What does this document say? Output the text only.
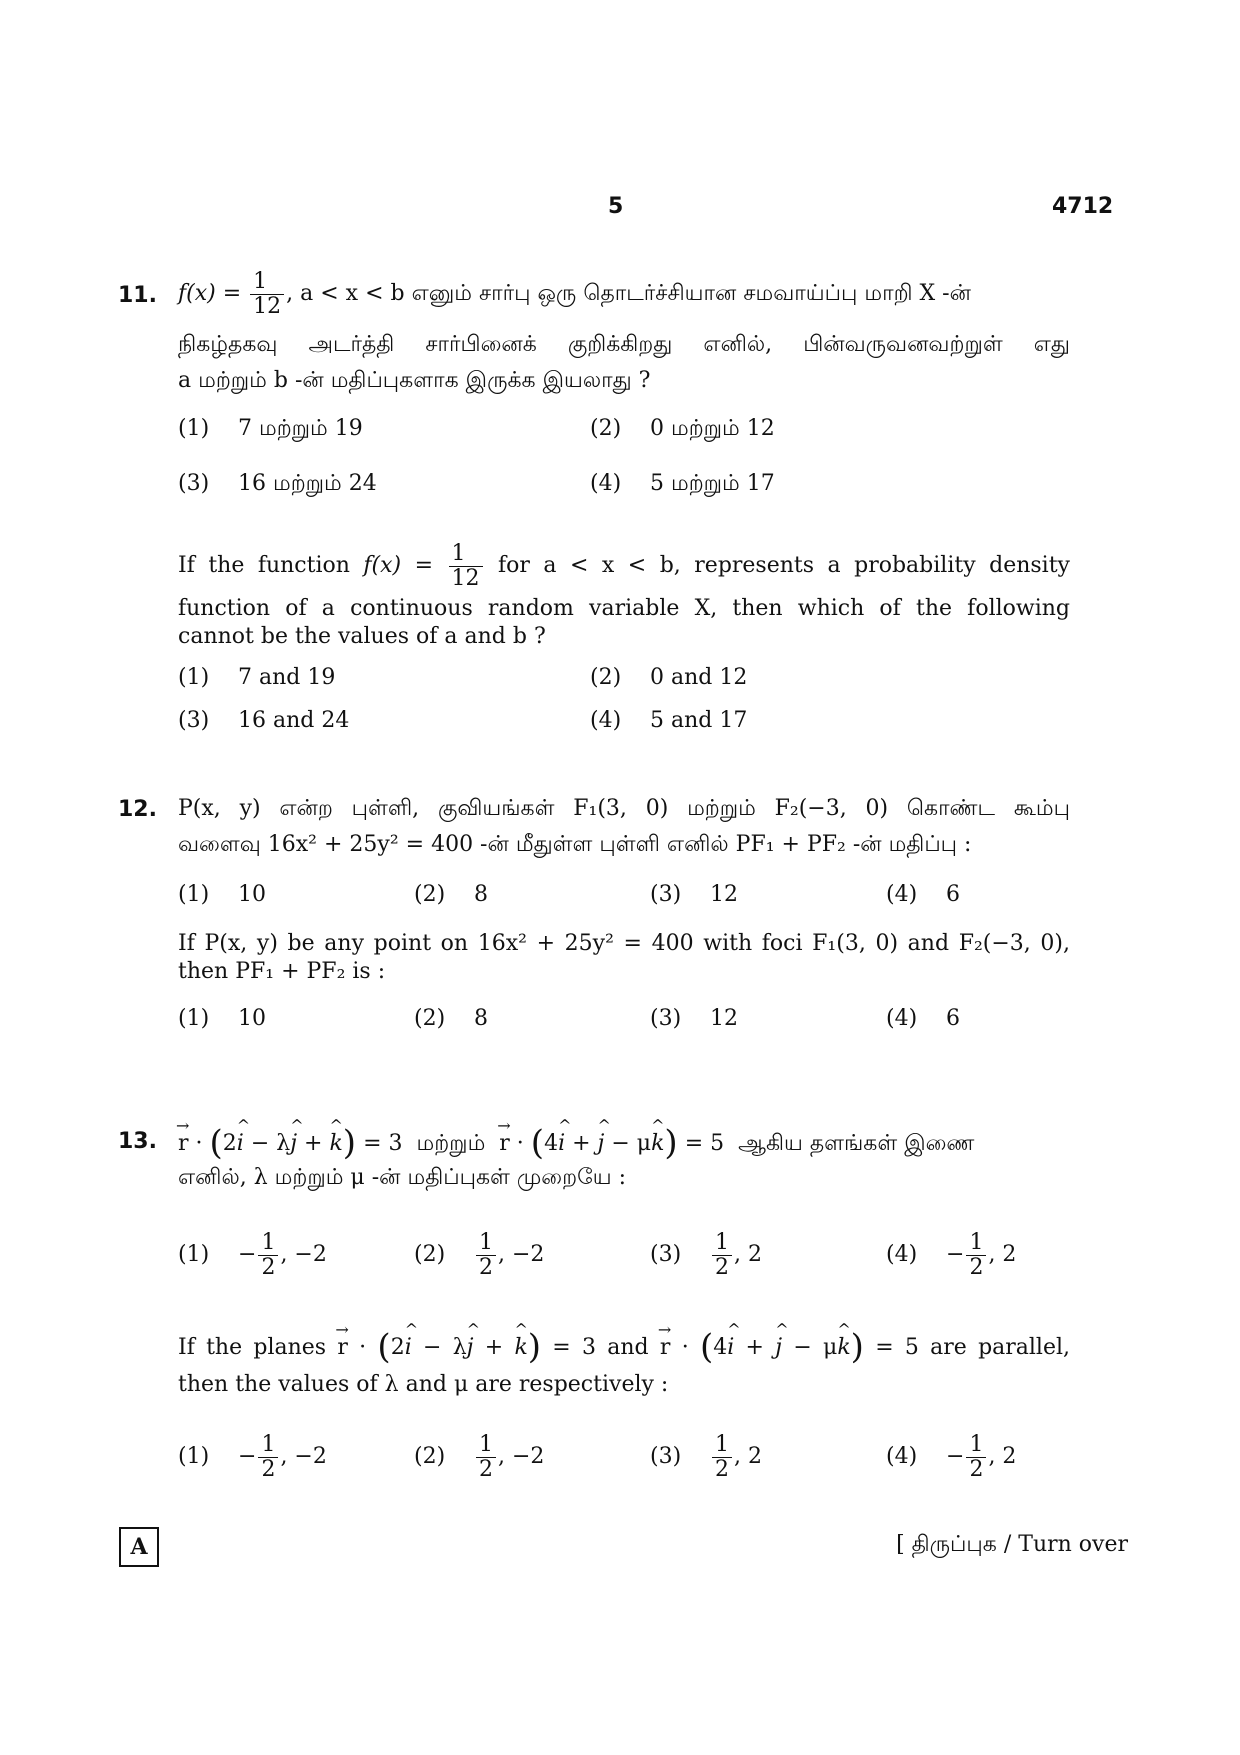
5	4712
11. $f(x) = \frac{1}{12}$ , a < x < b எனும் சார்பு ஒரு தொடர்ச்சியான சமவாய்ப்பு மாறி X -ன்
நிகழ்தகவு அடர்த்தி சார்பினைக் குறிக்கிறது எனில், பின்வருவனவற்றுள் எது
a மற்றும் b -ன் மதிப்புகளாக இருக்க இயலாது ?
(1) 7 மற்றும் 19	(2) 0 மற்றும் 12
(3) 16 மற்றும் 24	(4) 5 மற்றும் 17
If the function $f(x) = \frac{1}{12}$ for a < x < b, represents a probability density
function of a continuous random variable X, then which of the following
cannot be the values of a and b ?
(1) 7 and 19	(2) 0 and 12
(3) 16 and 24	(4) 5 and 17
12. P(x, y) என்ற புள்ளி, குவியங்கள் F₁(3, 0) மற்றும் F₂(−3, 0) கொண்ட கூம்பு
வளைவு 16x² + 25y² = 400 -ன் மீதுள்ள புள்ளி எனில் PF₁ + PF₂ -ன் மதிப்பு :
(1) 10	(2) 8	(3) 12	(4) 6
If P(x, y) be any point on 16x² + 25y² = 400 with foci F₁(3, 0) and F₂(−3, 0),
then PF₁ + PF₂ is :
(1) 10	(2) 8	(3) 12	(4) 6
13. r
→
· (2i
^
− λj
^
+ k
^ ) = 3 மற்றும் r
→
· (4i
^
+ j
^
− μk
^ ) = 5 ஆகிய தளங்கள் இணை
எனில், λ மற்றும் μ -ன் மதிப்புகள் முறையே :
$(1) - \frac{1}{2}$ , −2	$(2) \frac{1}{2}$ , −2	$(3) \frac{1}{2}$ , 2	$(4) - \frac{1}{2}$ , 2
If the planes r
→
· (2i
^
− λj
^
+ k
^ ) = 3 and r
→
· (4i
^
+ j
^
− μk
^ ) = 5 are parallel,
then the values of λ and μ are respectively :
$(1) - \frac{1}{2}$ , −2	$(2) \frac{1}{2}$ , −2	$(3) \frac{1}{2}$ , 2	$(4) - \frac{1}{2}$ , 2
A	[ திருப்புக / Turn over
